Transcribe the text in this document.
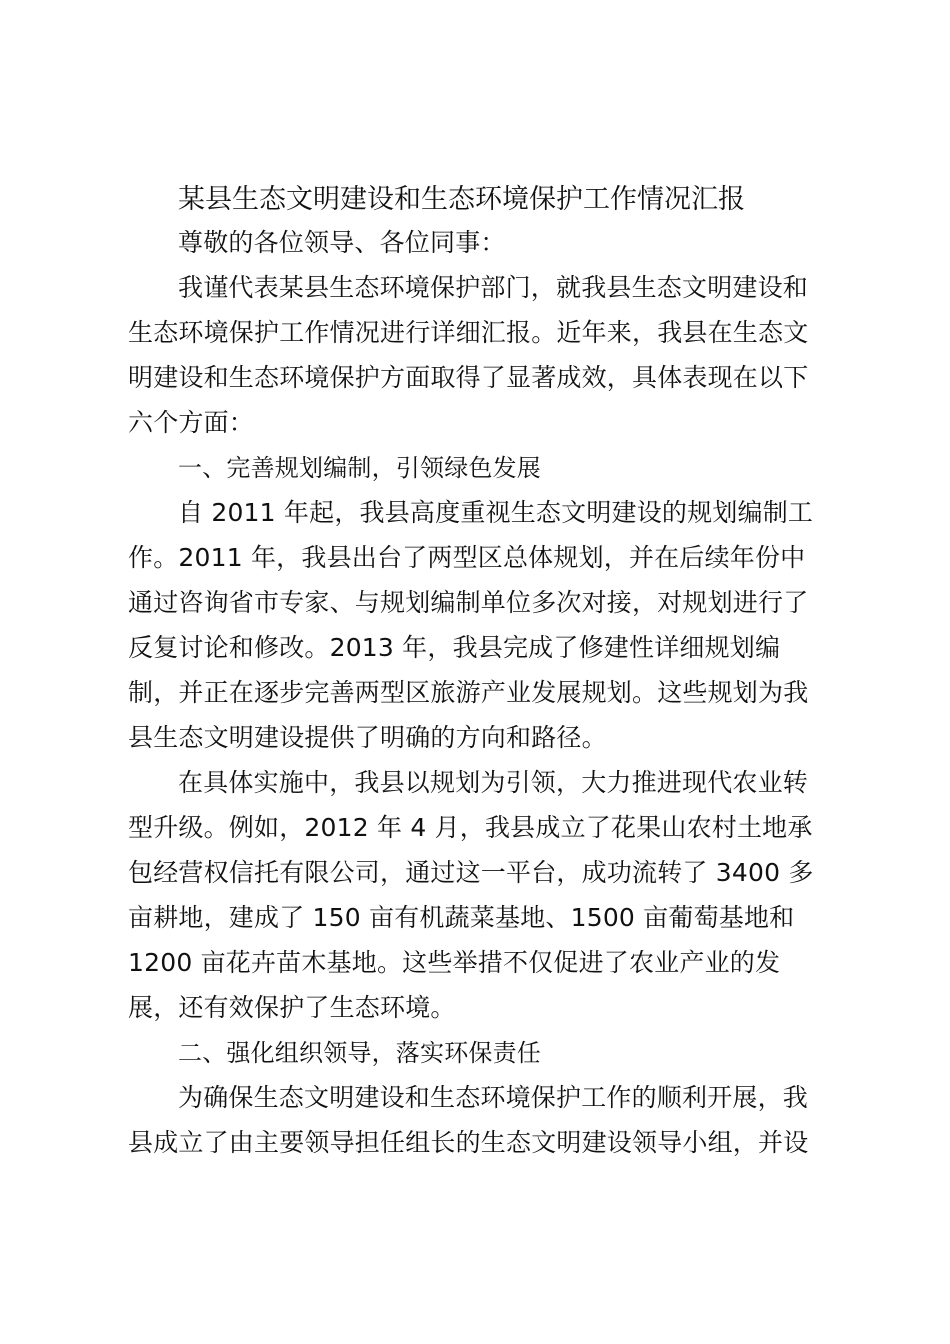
某县生态文明建设和生态环境保护工作情况汇报
尊敬的各位领导、各位同事：
我谨代表某县生态环境保护部门，就我县生态文明建设和
生态环境保护工作情况进行详细汇报。近年来，我县在生态文
明建设和生态环境保护方面取得了显著成效，具体表现在以下
六个方面：
一、完善规划编制，引领绿色发展
自 2011 年起，我县高度重视生态文明建设的规划编制工
作。2011 年，我县出台了两型区总体规划，并在后续年份中
通过咨询省市专家、与规划编制单位多次对接，对规划进行了
反复讨论和修改。2013 年，我县完成了修建性详细规划编
制，并正在逐步完善两型区旅游产业发展规划。这些规划为我
县生态文明建设提供了明确的方向和路径。
在具体实施中，我县以规划为引领，大力推进现代农业转
型升级。例如，2012 年 4 月，我县成立了花果山农村土地承
包经营权信托有限公司，通过这一平台，成功流转了 3400 多
亩耕地，建成了 150 亩有机蔬菜基地、1500 亩葡萄基地和
1200 亩花卉苗木基地。这些举措不仅促进了农业产业的发
展，还有效保护了生态环境。
二、强化组织领导，落实环保责任
为确保生态文明建设和生态环境保护工作的顺利开展，我
县成立了由主要领导担任组长的生态文明建设领导小组，并设
